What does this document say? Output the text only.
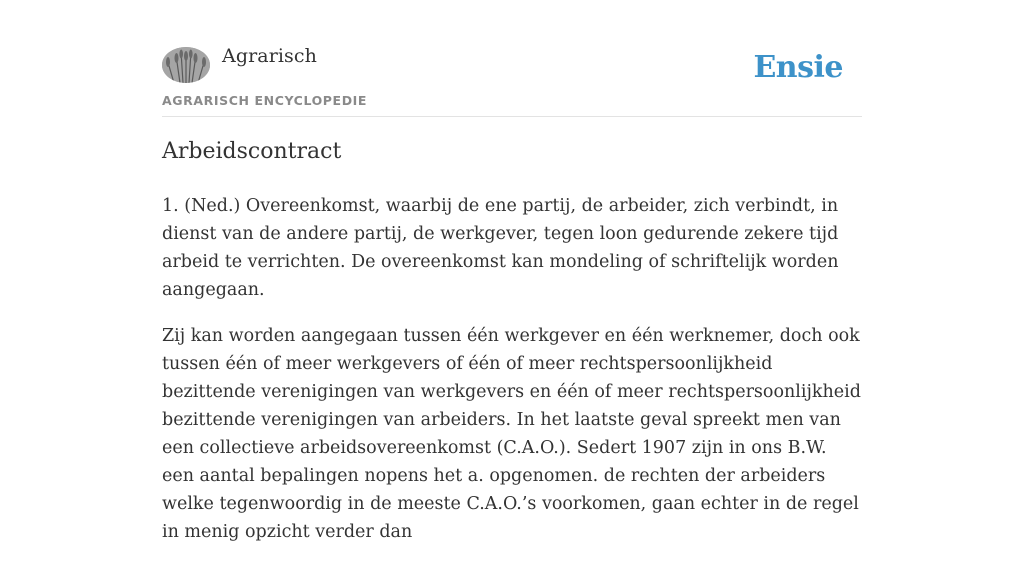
Agrarisch
AGRARISCH ENCYCLOPEDIE
Ensie
Arbeidscontract

1. (Ned.) Overeenkomst, waarbij de ene partij, de arbeider, zich verbindt, in dienst van de andere partij, de werkgever, tegen loon gedurende zekere tijd arbeid te verrichten. De overeenkomst kan mondeling of schriftelijk worden aangegaan.

Zij kan worden aangegaan tussen één werkgever en één werknemer, doch ook tussen één of meer werkgevers of één of meer rechtspersoonlijkheid bezittende verenigingen van werkgevers en één of meer rechtspersoonlijkheid bezittende verenigingen van arbeiders. In het laatste geval spreekt men van een collectieve arbeidsovereenkomst (C.A.O.). Sedert 1907 zijn in ons B.W. een aantal bepalingen nopens het a. opgenomen. de rechten der arbeiders welke tegenwoordig in de meeste C.A.O.’s voorkomen, gaan echter in de regel in menig opzicht verder dan
